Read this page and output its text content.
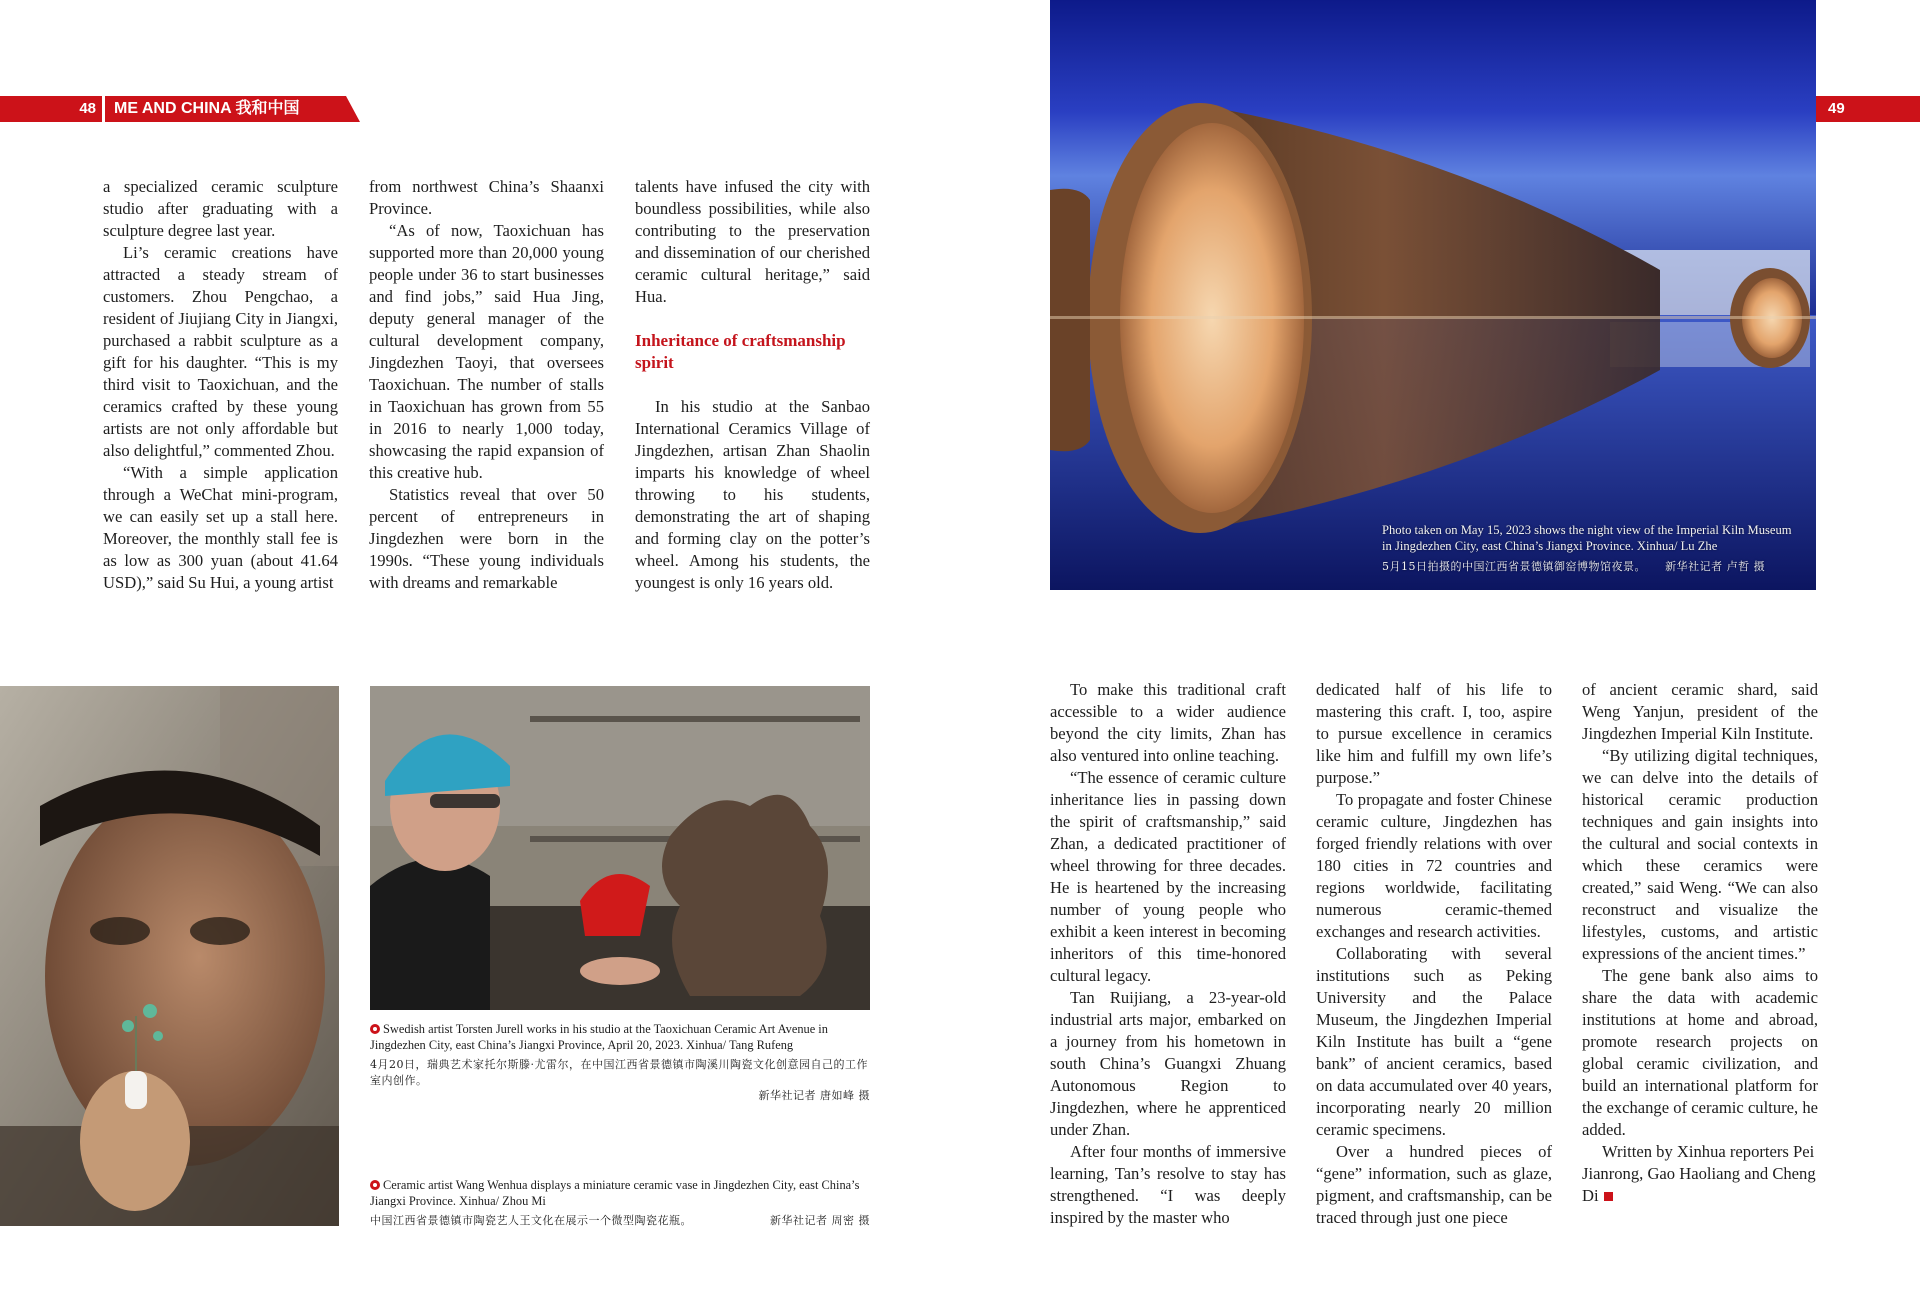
48 ME AND CHINA 我和中国	49

a specialized ceramic sculpture studio after graduating with a sculpture degree last year.

Li’s ceramic creations have attracted a steady stream of customers. Zhou Pengchao, a resident of Jiujiang City in Jiangxi, purchased a rabbit sculpture as a gift for his daughter. “This is my third visit to Taoxichuan, and the ceramics crafted by these young artists are not only affordable but also delightful,” commented Zhou.

“With a simple application through a WeChat mini-program, we can easily set up a stall here. Moreover, the monthly stall fee is as low as 300 yuan (about 41.64 USD),” said Su Hui, a young artist

from northwest China’s Shaanxi Province.

“As of now, Taoxichuan has supported more than 20,000 young people under 36 to start businesses and find jobs,” said Hua Jing, deputy general manager of the cultural development company, Jingdezhen Taoyi, that oversees Taoxichuan. The number of stalls in Taoxichuan has grown from 55 in 2016 to nearly 1,000 today, showcasing the rapid expansion of this creative hub.

Statistics reveal that over 50 percent of entrepreneurs in Jingdezhen were born in the 1990s. “These young individuals with dreams and remarkable

talents have infused the city with boundless possibilities, while also contributing to the preservation and dissemination of our cherished ceramic cultural heritage,” said Hua.

Inheritance of craftsmanship spirit

In his studio at the Sanbao International Ceramics Village of Jingdezhen, artisan Zhan Shaolin imparts his knowledge of wheel throwing to his students, demonstrating the art of shaping and forming clay on the potter’s wheel. Among his students, the youngest is only 16 years old.

Photo taken on May 15, 2023 shows the night view of the Imperial Kiln Museum in Jingdezhen City, east China’s Jiangxi Province. Xinhua/ Lu Zhe
5月15日拍摄的中国江西省景德镇御窑博物馆夜景。 新华社记者 卢哲 摄
Swedish artist Torsten Jurell works in his studio at the Taoxichuan Ceramic Art Avenue in Jingdezhen City, east China’s Jiangxi Province, April 20, 2023. Xinhua/ Tang Rufeng
4月20日，瑞典艺术家托尔斯滕·尤雷尔，在中国江西省景德镇市陶溪川陶瓷文化创意园自己的工作室内创作。
新华社记者 唐如峰 摄
Ceramic artist Wang Wenhua displays a miniature ceramic vase in Jingdezhen City, east China’s Jiangxi Province. Xinhua/ Zhou Mi
中国江西省景德镇市陶瓷艺人王文化在展示一个微型陶瓷花瓶。	新华社记者 周密 摄

To make this traditional craft accessible to a wider audience beyond the city limits, Zhan has also ventured into online teaching.

“The essence of ceramic culture inheritance lies in passing down the spirit of craftsmanship,” said Zhan, a dedicated practitioner of wheel throwing for three decades. He is heartened by the increasing number of young people who exhibit a keen interest in becoming inheritors of this time-honored cultural legacy.

Tan Ruijiang, a 23-year-old industrial arts major, embarked on a journey from his hometown in south China’s Guangxi Zhuang Autonomous Region to Jingdezhen, where he apprenticed under Zhan.

After four months of immersive learning, Tan’s resolve to stay has strengthened. “I was deeply inspired by the master who

dedicated half of his life to mastering this craft. I, too, aspire to pursue excellence in ceramics like him and fulfill my own life’s purpose.”

To propagate and foster Chinese ceramic culture, Jingdezhen has forged friendly relations with over 180 cities in 72 countries and regions worldwide, facilitating numerous ceramic-themed exchanges and research activities.

Collaborating with several institutions such as Peking University and the Palace Museum, the Jingdezhen Imperial Kiln Institute has built a “gene bank” of ancient ceramics, based on data accumulated over 40 years, incorporating nearly 20 million ceramic specimens.

Over a hundred pieces of “gene” information, such as glaze, pigment, and craftsmanship, can be traced through just one piece

of ancient ceramic shard, said Weng Yanjun, president of the Jingdezhen Imperial Kiln Institute.

“By utilizing digital techniques, we can delve into the details of historical ceramic production techniques and gain insights into the cultural and social contexts in which these ceramics were created,” said Weng. “We can also reconstruct and visualize the lifestyles, customs, and artistic expressions of the ancient times.”

The gene bank also aims to share the data with academic institutions at home and abroad, promote research projects on global ceramic civilization, and build an international platform for the exchange of ceramic culture, he added.

Written by Xinhua reporters Pei Jianrong, Gao Haoliang and Cheng Di
